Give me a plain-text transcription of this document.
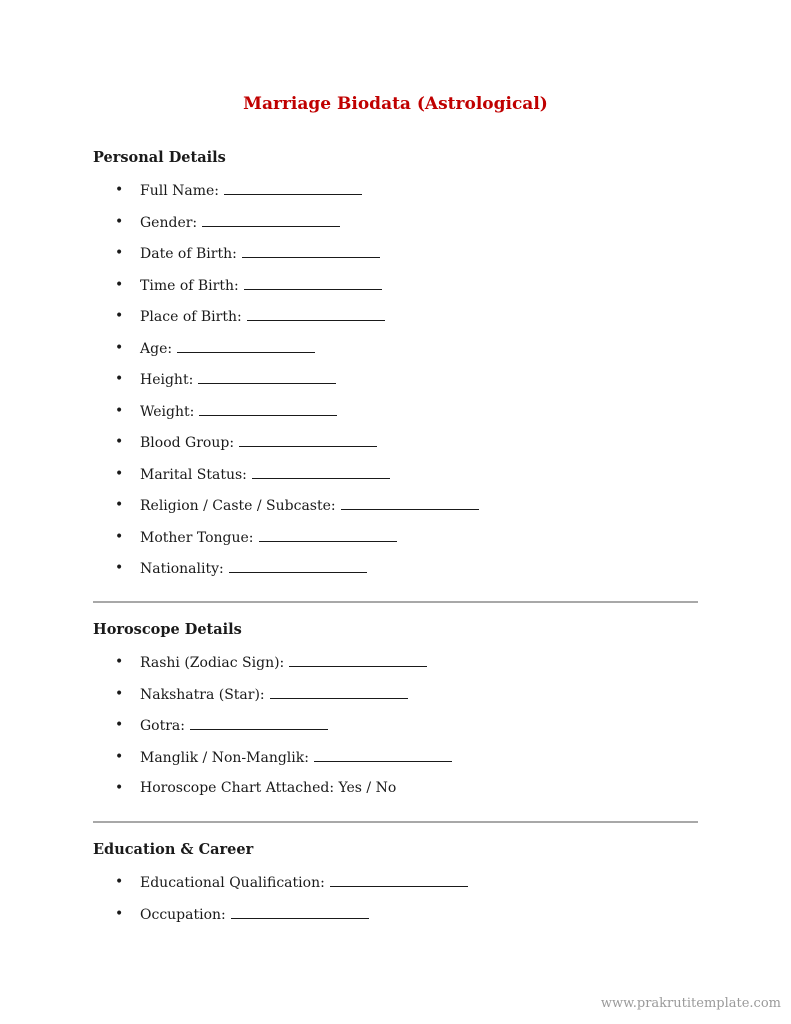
Marriage Biodata (Astrological)
Personal Details
• Full Name:
• Gender:
• Date of Birth:
• Time of Birth:
• Place of Birth:
• Age:
• Height:
• Weight:
• Blood Group:
• Marital Status:
• Religion / Caste / Subcaste:
• Mother Tongue:
• Nationality:
Horoscope Details
• Rashi (Zodiac Sign):
• Nakshatra (Star):
• Gotra:
• Manglik / Non-Manglik:
• Horoscope Chart Attached: Yes / No
Education & Career
• Educational Qualification:
• Occupation:
www.prakrutitemplate.com
